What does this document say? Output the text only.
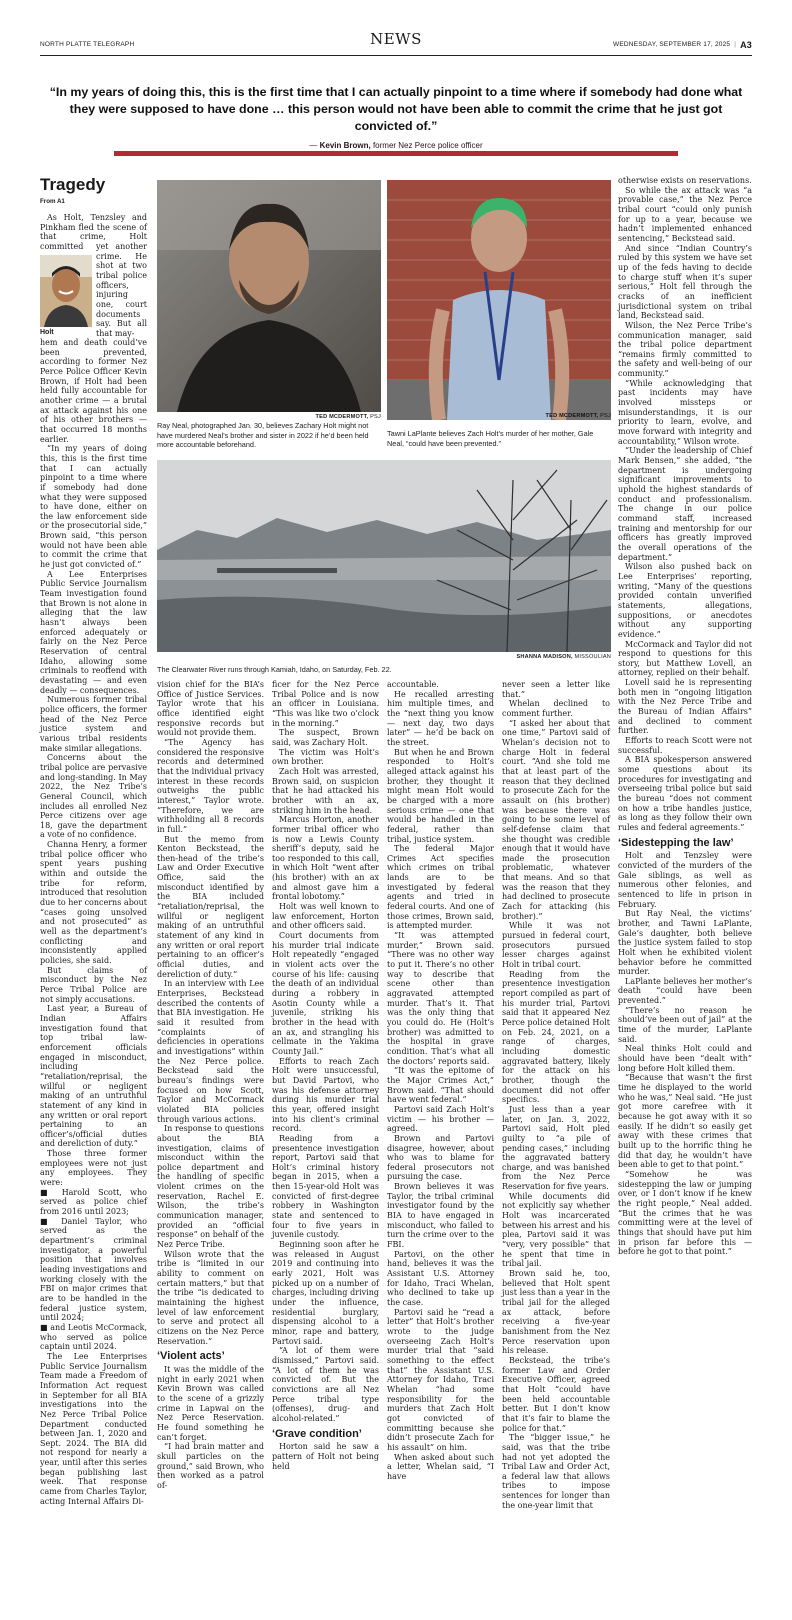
NORTH PLATTE TELEGRAPH	NEWS	WEDNESDAY, SEPTEMBER 17, 2025 | A3
“In my years of doing this, this is the first time that I can actually pinpoint to a time where if somebody had done what they were supposed to have done … this person would not have been able to commit the crime that he just got convicted of.”
— Kevin Brown, former Nez Perce police officer
Tragedy
From A1

As Holt, Tenzsley and Pinkham fled the scene of that crime, Holt committed	yet another crime. He shot at two tribal police officers, injuring one, court documents say. But all that may-

Holt

hem and death could’ve been prevented, according to former Nez Perce Police Officer Kevin Brown, if Holt had been held fully accountable for another crime — a brutal ax attack against his one of his other brothers — that occurred 18 months earlier.

“In my years of doing this, this is the first time that I can actually pinpoint to a time where if somebody had done what they were supposed to have done, either on the law enforcement side or the prosecutorial side,” Brown said, “this person would not have been able to commit the crime that he just got convicted of.”

A Lee Enterprises Public Service Journalism Team investigation found that Brown is not alone in alleging that the law hasn’t always been enforced adequately or fairly on the Nez Perce Reservation of central Idaho, allowing some criminals to reoffend with devastating — and even deadly — consequences.

Numerous former tribal police officers, the former head of the Nez Perce justice system and various tribal residents make similar allegations.

Concerns about the tribal police are pervasive and long-standing. In May 2022, the Nez Tribe’s General Council, which includes all enrolled Nez Perce citizens over age 18, gave the department a vote of no confidence.

Channa Henry, a former tribal police officer who spent years pushing within and outside the tribe for reform, introduced that resolution due to her concerns about “cases going unsolved and not prosecuted” as well as the department’s conflicting and inconsistently applied policies, she said.

But claims of misconduct by the Nez Perce Tribal Police are not simply accusations.

Last year, a Bureau of Indian Affairs investigation found that top tribal law-enforcement officials engaged in misconduct, including “retaliation/reprisal, the willful or negligent making of an untruthful statement of any kind in any written or oral report pertaining to an officer’s/official duties and dereliction of duty.”

Those three former employees were not just any employees. They were:

■ Harold Scott, who served as police chief from 2016 until 2023;

■ Daniel Taylor, who served as the department’s criminal investigator, a powerful position that involves leading investigations and working closely with the FBI on major crimes that are to be handled in the federal justice system, until 2024;

■ and Leotis McCormack, who served as police captain until 2024.

The Lee Enterprises Public Service Journalism Team made a Freedom of Information Act request in September for all BIA investigations into the Nez Perce Tribal Police Department conducted between Jan. 1, 2020 and Sept. 2024. The BIA did not respond for nearly a year, until after this series began publishing last week. That response came from Charles Taylor, acting Internal Affairs Di-

TED MCDERMOTT, PSJ
Ray Neal, photographed Jan. 30, believes Zachary Holt might not have murdered Neal’s brother and sister in 2022 if he’d been held more accountable beforehand.
TED MCDERMOTT, PSJ
Tawni LaPlante believes Zach Holt’s murder of her mother, Gale Neal, “could have been prevented.”
SHANNA MADISON, MISSOULIAN
The Clearwater River runs through Kamiah, Idaho, on Saturday, Feb. 22.

vision chief for the BIA’s Office of Justice Services. Taylor wrote that his office identified eight responsive records but would not provide them.

“The Agency has considered the responsive records and determined that the individual privacy interest in these records outweighs the public interest,” Taylor wrote. “Therefore, we are withholding all 8 records in full.”

But the memo from Kenton Beckstead, the then-head of the tribe’s Law and Order Executive Office, said the misconduct identified by the BIA included “retaliation/reprisal, the willful or negligent making of an untruthful statement of any kind in any written or oral report pertaining to an officer’s official duties, and dereliction of duty.”

In an interview with Lee Enterprises, Beckstead described the contents of that BIA investigation. He said it resulted from “complaints of deficiencies in operations and investigations” within the Nez Perce police. Beckstead said the bureau’s findings were focused on how Scott, Taylor and McCormack violated BIA policies through various actions.

In response to questions about the BIA investigation, claims of misconduct within the police department and the handling of specific violent crimes on the reservation, Rachel E. Wilson, the tribe’s communication manager, provided an “official response” on behalf of the Nez Perce Tribe.

Wilson wrote that the tribe is “limited in our ability to comment on certain matters,” but that the tribe “is dedicated to maintaining the highest level of law enforcement to serve and protect all citizens on the Nez Perce Reservation.”

‘Violent acts’

It was the middle of the night in early 2021 when Kevin Brown was called to the scene of a grizzly crime in Lapwai on the Nez Perce Reservation. He found something he can’t forget.

“I had brain matter and skull particles on the ground,” said Brown, who then worked as a patrol of-

ficer for the Nez Perce Tribal Police and is now an officer in Louisiana. “This was like two o’clock in the morning.”

The suspect, Brown said, was Zachary Holt.

The victim was Holt’s own brother.

Zach Holt was arrested, Brown said, on suspicion that he had attacked his brother with an ax, striking him in the head.

Marcus Horton, another former tribal officer who is now a Lewis County sheriff’s deputy, said he too responded to this call, in which Holt “went after (his brother) with an ax and almost gave him a frontal lobotomy.”

Holt was well known to law enforcement, Horton and other officers said.

Court documents from his murder trial indicate Holt repeatedly “engaged in violent acts over the course of his life: causing the death of an individual during a robbery in Asotin County while a juvenile, striking his brother in the head with an ax, and strangling his cellmate in the Yakima County Jail.”

Efforts to reach Zach Holt were unsuccessful, but David Partovi, who was his defense attorney during his murder trial this year, offered insight into his client’s criminal record.

Reading from a presentence investigation report, Partovi said that Holt’s criminal history began in 2015, when a then 15-year-old Holt was convicted of first-degree robbery in Washington state and sentenced to four to five years in juvenile custody.

Beginning soon after he was released in August 2019 and continuing into early 2021, Holt was picked up on a number of charges, including driving under the influence, residential burglary, dispensing alcohol to a minor, rape and battery, Partovi said.

“A lot of them were dismissed,” Partovi said. “A lot of them he was convicted of. But the convictions are all Nez Perce tribal type (offenses), drug- and alcohol-related.”

‘Grave condition’

Horton said he saw a pattern of Holt not being held

accountable.

He recalled arresting him multiple times, and the “next thing you know — next day, two days later” — he’d be back on the street.

But when he and Brown responded to Holt’s alleged attack against his brother, they thought it might mean Holt would be charged with a more serious crime — one that would be handled in the federal, rather than tribal, justice system.

The federal Major Crimes Act specifies which crimes on tribal lands are to be investigated by federal agents and tried in federal courts. And one of those crimes, Brown said, is attempted murder.

“It was attempted murder,” Brown said. “There was no other way to put it. There’s no other way to describe that scene other than aggravated attempted murder. That’s it. That was the only thing that you could do. He (Holt’s brother) was admitted to the hospital in grave condition. That’s what all the doctors’ reports said.

“It was the epitome of the Major Crimes Act,” Brown said. “That should have went federal.”

Partovi said Zach Holt’s victim — his brother — agreed.

Brown and Partovi disagree, however, about who was to blame for federal prosecutors not pursuing the case.

Brown believes it was Taylor, the tribal criminal investigator found by the BIA to have engaged in misconduct, who failed to turn the crime over to the FBI.

Partovi, on the other hand, believes it was the Assistant U.S. Attorney for Idaho, Traci Whelan, who declined to take up the case.

Partovi said he “read a letter” that Holt’s brother wrote to the judge overseeing Zach Holt’s murder trial that “said something to the effect that” the Assistant U.S. Attorney for Idaho, Traci Whelan “had some responsibility for the murders that Zach Holt got convicted of committing because she didn’t prosecute Zach for his assault” on him.

When asked about such a letter, Whelan said, “I have

never seen a letter like that.”

Whelan declined to comment further.

“I asked her about that one time,” Partovi said of Whelan’s decision not to charge Holt in federal court. “And she told me that at least part of the reason that they declined to prosecute Zach for the assault on (his brother) was because there was going to be some level of self-defense claim that she thought was credible enough that it would have made the prosecution problematic, whatever that means. And so that was the reason that they had declined to prosecute Zach for attacking (his brother).”

While it was not pursued in federal court, prosecutors pursued lesser charges against Holt in tribal court.

Reading from the presentence investigation report compiled as part of his murder trial, Partovi said that it appeared Nez Perce police detained Holt on Feb. 24, 2021, on a range of charges, including domestic aggravated battery, likely for the attack on his brother, though the document did not offer specifics.

Just less than a year later, on Jan. 3, 2022, Partovi said, Holt pled guilty to “a pile of pending cases,” including the aggravated battery charge, and was banished from the Nez Perce Reservation for five years.

While documents did not explicitly say whether Holt was incarcerated between his arrest and his plea, Partovi said it was “very, very possible” that he spent that time in tribal jail.

Brown said he, too, believed that Holt spent just less than a year in the tribal jail for the alleged ax attack, before receiving a five-year banishment from the Nez Perce reservation upon his release.

Beckstead, the tribe’s former Law and Order Executive Officer, agreed that Holt “could have been held accountable better. But I don’t know that it’s fair to blame the police for that.”

The “bigger issue,” he said, was that the tribe had not yet adopted the Tribal Law and Order Act, a federal law that allows tribes to impose sentences for longer than the one-year limit that

otherwise exists on reservations.

So while the ax attack was “a provable case,” the Nez Perce tribal court “could only punish for up to a year, because we hadn’t implemented enhanced sentencing,” Beckstead said.

And since “Indian Country’s ruled by this system we have set up of the feds having to decide to charge stuff when it’s super serious,” Holt fell through the cracks of an inefficient jurisdictional system on tribal land, Beckstead said.

Wilson, the Nez Perce Tribe’s communication manager, said the tribal police department “remains firmly committed to the safety and well-being of our community.”

“While acknowledging that past incidents may have involved missteps or misunderstandings, it is our priority to learn, evolve, and move forward with integrity and accountability,” Wilson wrote.

“Under the leadership of Chief Mark Bensen,” she added, “the department is undergoing significant improvements to uphold the highest standards of conduct and professionalism. The change in our police command staff, increased training and mentorship for our officers has greatly improved the overall operations of the department.”

Wilson also pushed back on Lee Enterprises’ reporting, writing, “Many of the questions provided contain unverified statements, allegations, suppositions, or anecdotes without any supporting evidence.”

McCormack and Taylor did not respond to questions for this story, but Matthew Lovell, an attorney, replied on their behalf.

Lovell said he is representing both men in “ongoing litigation with the Nez Perce Tribe and the Bureau of Indian Affairs” and declined to comment further.

Efforts to reach Scott were not successful.

A BIA spokesperson answered some questions about its procedures for investigating and overseeing tribal police but said the bureau “does not comment on how a tribe handles justice, as long as they follow their own rules and federal agreements.”

‘Sidestepping the law’

Holt and Tenzsley were convicted of the murders of the Gale siblings, as well as numerous other felonies, and sentenced to life in prison in February.

But Ray Neal, the victims’ brother, and Tawni LaPlante, Gale’s daughter, both believe the justice system failed to stop Holt when he exhibited violent behavior before he committed murder.

LaPlante believes her mother’s death “could have been prevented.”

“There’s no reason he should’ve been out of jail” at the time of the murder, LaPlante said.

Neal thinks Holt could and should have been “dealt with” long before Holt killed them.

“Because that wasn’t the first time he displayed to the world who he was,” Neal said. “He just got more carefree with it because he got away with it so easily. If he didn’t so easily get away with these crimes that built up to the horrific thing he did that day, he wouldn’t have been able to get to that point.”

“Somehow he was sidestepping the law or jumping over, or I don’t know if he knew the right people,” Neal added. “But the crimes that he was committing were at the level of things that should have put him in prison far before this — before he got to that point.”
